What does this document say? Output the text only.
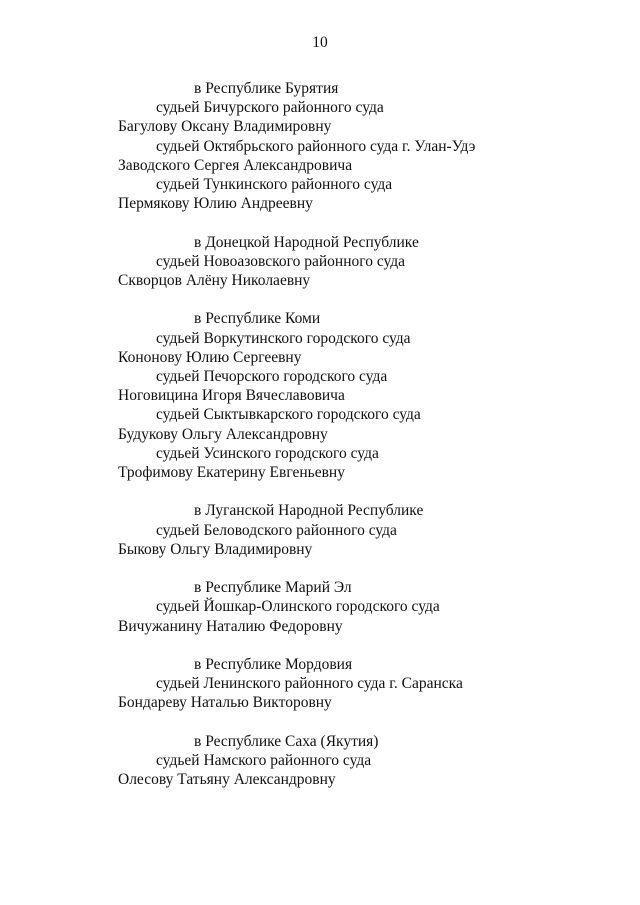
10
в Республике Бурятия
судьей Бичурского районного суда
Багулову Оксану Владимировну
судьей Октябрьского районного суда г. Улан-Удэ
Заводского Сергея Александровича
судьей Тункинского районного суда
Пермякову Юлию Андреевну
в Донецкой Народной Республике
судьей Новоазовского районного суда
Скворцов Алёну Николаевну
в Республике Коми
судьей Воркутинского городского суда
Кононову Юлию Сергеевну
судьей Печорского городского суда
Ноговицина Игоря Вячеславовича
судьей Сыктывкарского городского суда
Будукову Ольгу Александровну
судьей Усинского городского суда
Трофимову Екатерину Евгеньевну
в Луганской Народной Республике
судьей Беловодского районного суда
Быкову Ольгу Владимировну
в Республике Марий Эл
судьей Йошкар-Олинского городского суда
Вичужанину Наталию Федоровну
в Республике Мордовия
судьей Ленинского районного суда г. Саранска
Бондареву Наталью Викторовну
в Республике Саха (Якутия)
судьей Намского районного суда
Олесову Татьяну Александровну
